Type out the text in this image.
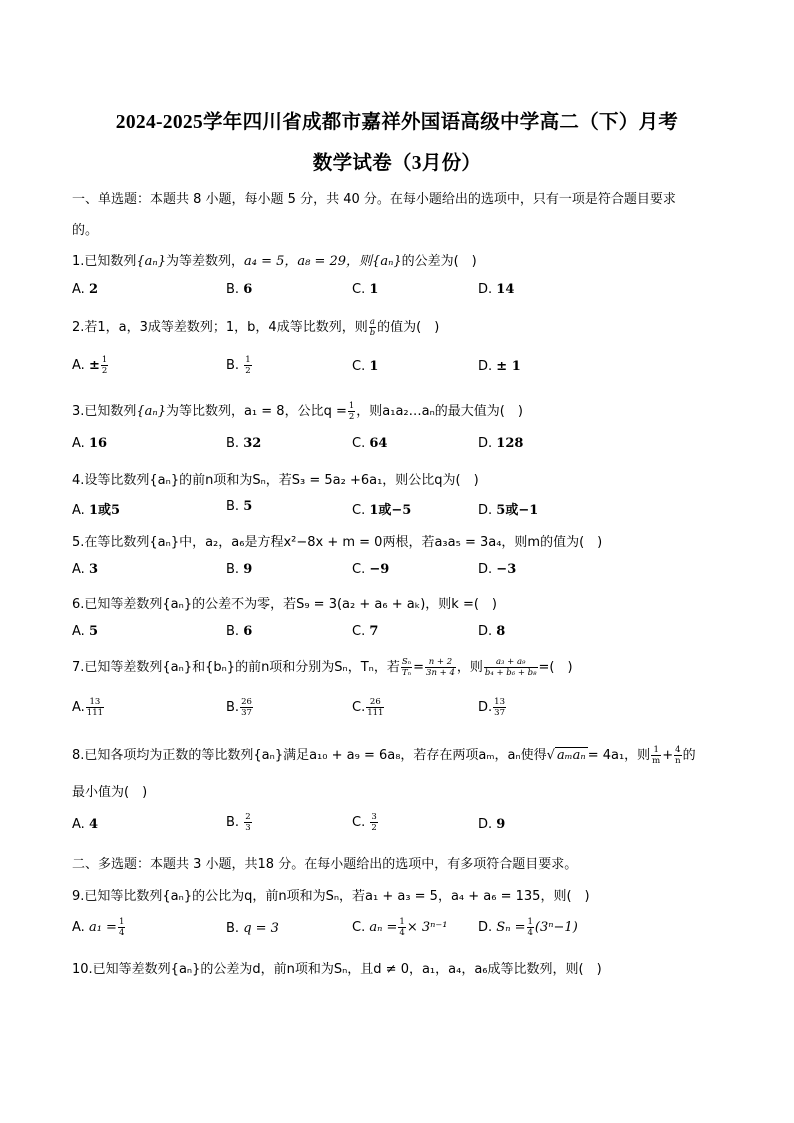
2024-2025学年四川省成都市嘉祥外国语高级中学高二（下）月考
数学试卷（3月份）
一、单选题：本题共 8 小题，每小题 5 分，共 40 分。在每小题给出的选项中，只有一项是符合题目要求
的。
1.已知数列{aₙ}为等差数列，a₄ = 5，a₈ = 29，则{aₙ}的公差为(　)
A. 2	B. 6	C. 1	D. 14
2.若1，a，3成等差数列；1，b，4成等比数列，则 $\frac{a}{b}$ 的值为(　)
A. ± $\frac{1}{2}$	B. $\frac{1}{2}$	C. 1	D. ± 1
3.已知数列{aₙ}为等比数列，a₁ = 8，公比$q = \frac{1}{2}$ ，则a₁a₂…aₙ的最大值为(　)
A. 16	B. 32	C. 64	D. 128
4.设等比数列{aₙ}的前n项和为Sₙ，若S₃ = 5a₂ +6a₁，则公比q为(　)
A. 1或5	B. 5	C. 1或−5	D. 5或−1
5.在等比数列{aₙ}中，a₂，a₆是方程x²−8x + m = 0两根，若a₃a₅ = 3a₄，则m的值为(　)
A. 3	B. 9	C. −9	D. −3
6.已知等差数列{aₙ}的公差不为零，若S₉ = 3(a₂ + a₆ + aₖ)，则k =(　)
A. 5	B. 6	C. 7	D. 8
7.已知等差数列{aₙ}和{bₙ}的前n项和分别为Sₙ，Tₙ，若 $\frac{\text{Sₙ}}{\text{Tₙ}} = \frac{n + 2}{3n + 4}$ ，则 $\frac{\text{a₃ + a₉}}{\text{b₄ + b₆ + b₈}}$ =(　)
A. $\frac{13}{111}$	B. $\frac{26}{37}$	C. $\frac{26}{111}$	D. $\frac{13}{37}$
8.已知各项均为正数的等比数列{aₙ}满足a₁₀ + a₉ = 6a₈，若存在两项aₘ，aₙ使得√ aₘaₙ = 4a₁，则 $\frac{1}{m} + \frac{4}{n}$ 的
最小值为(　)
A. 4	B. $\frac{2}{3}$	C. $\frac{3}{2}$	D. 9
二、多选题：本题共 3 小题，共18 分。在每小题给出的选项中，有多项符合题目要求。
9.已知等比数列{aₙ}的公比为q，前n项和为Sₙ，若a₁ + a₃ = 5，a₄ + a₆ = 135，则(　)
A. $a_1 = \frac{1}{4}$	B. q = 3	C. $a_n = \frac{1}{4} \times 3^{n-1}$ D. $S_n = \frac{1}{4} (3^n-1)$
10.已知等差数列{aₙ}的公差为d，前n项和为Sₙ，且d ≠ 0，a₁，a₄，a₆成等比数列，则(　)
